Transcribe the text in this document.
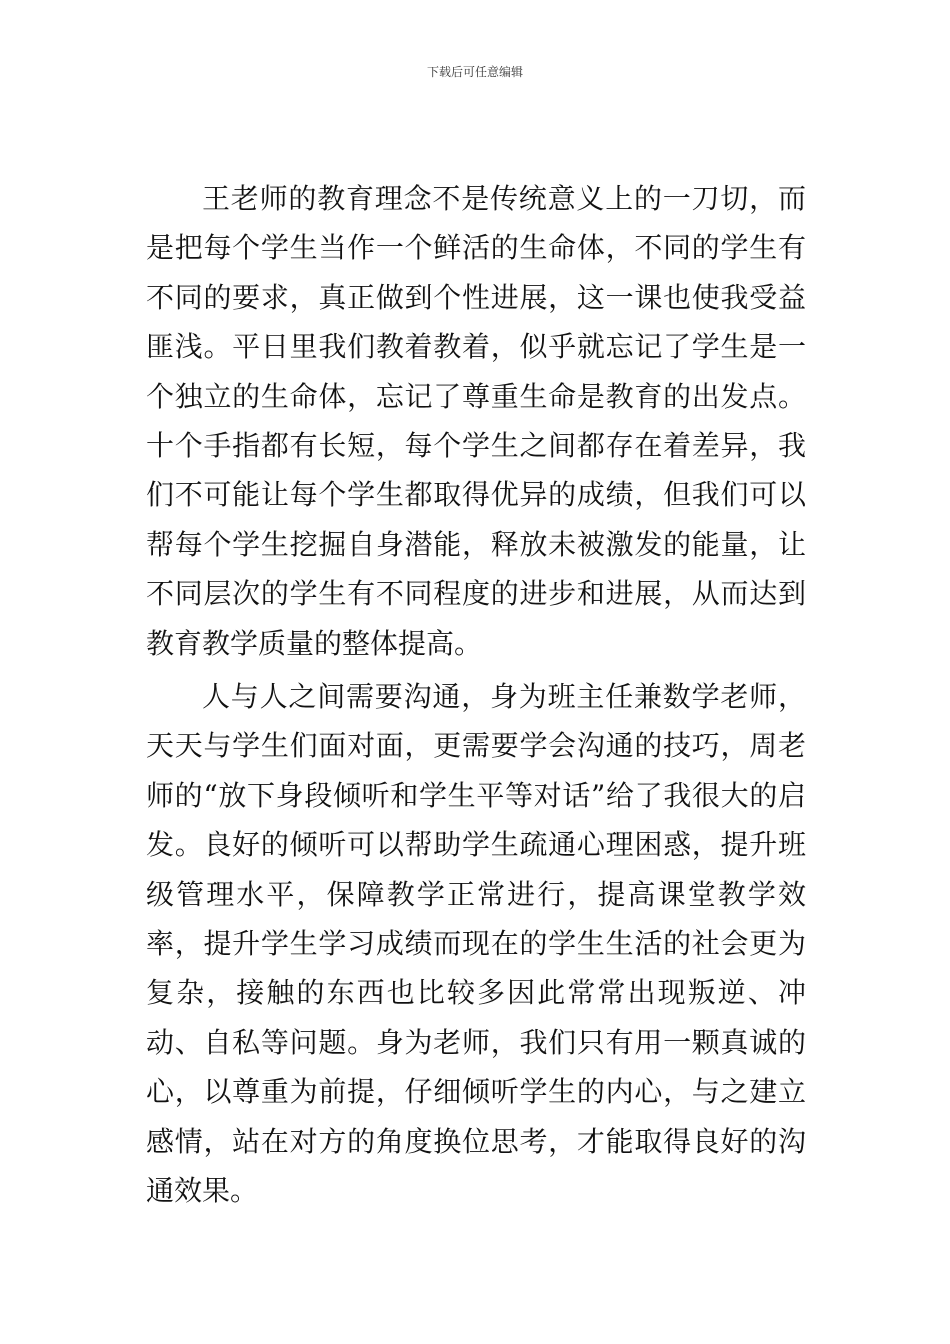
下载后可任意编辑

王老师的教育理念不是传统意义上的一刀切，而是把每个学生当作一个鲜活的生命体，不同的学生有不同的要求，真正做到个性进展，这一课也使我受益匪浅。平日里我们教着教着，似乎就忘记了学生是一个独立的生命体，忘记了尊重生命是教育的出发点。十个手指都有长短，每个学生之间都存在着差异，我们不可能让每个学生都取得优异的成绩，但我们可以帮每个学生挖掘自身潜能，释放未被激发的能量，让不同层次的学生有不同程度的进步和进展，从而达到教育教学质量的整体提高。

人与人之间需要沟通，身为班主任兼数学老师，天天与学生们面对面，更需要学会沟通的技巧，周老师的“放下身段倾听和学生平等对话”给了我很大的启发。良好的倾听可以帮助学生疏通心理困惑，提升班级管理水平，保障教学正常进行，提高课堂教学效率，提升学生学习成绩而现在的学生生活的社会更为复杂，接触的东西也比较多因此常常出现叛逆、冲动、自私等问题。身为老师，我们只有用一颗真诚的心，以尊重为前提，仔细倾听学生的内心，与之建立感情，站在对方的角度换位思考，才能取得良好的沟通效果。
